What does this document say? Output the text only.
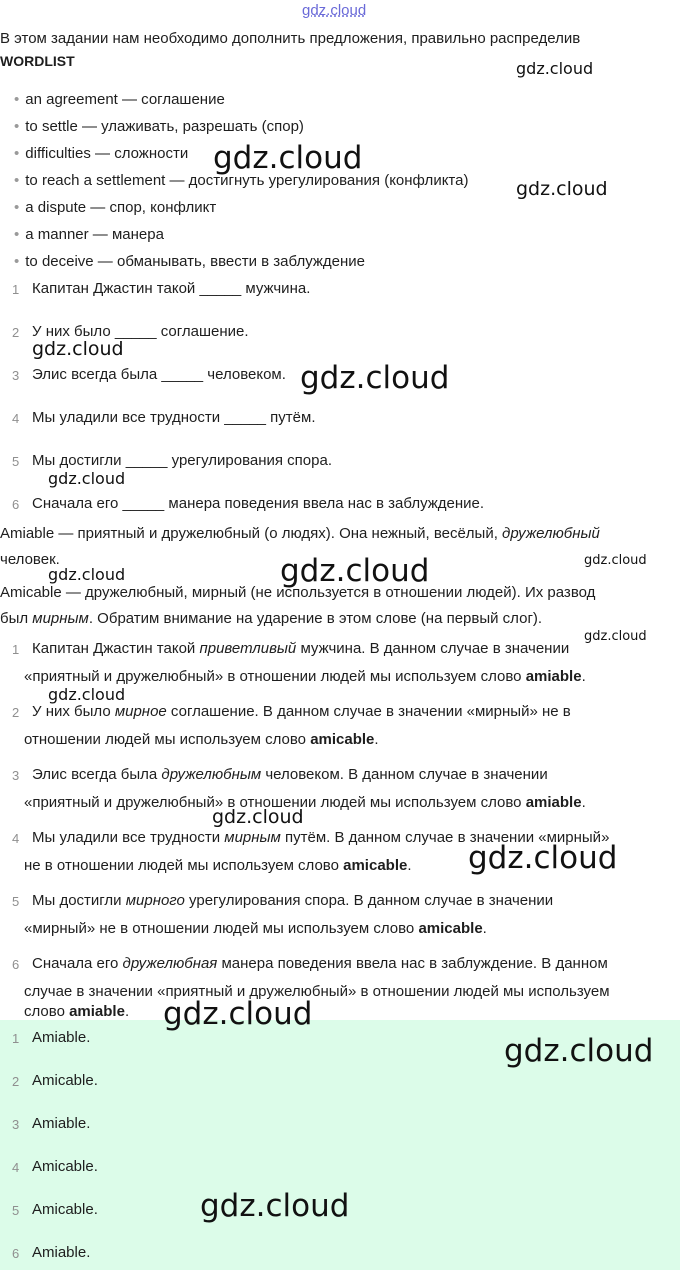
gdz.cloud
В этом задании нам необходимо дополнить предложения, правильно распределив
WORDLIST
• an agreement — соглашение
• to settle — улаживать, разрешать (спор)
• difficulties — сложности
• to reach a settlement — достигнуть урегулирования (конфликта)
• a dispute — спор, конфликт
• a manner — манера
• to deceive — обманывать, ввести в заблуждение
1 Капитан Джастин такой _____ мужчина.
2 У них было _____ соглашение.
3 Элис всегда была _____ человеком.
4 Мы уладили все трудности _____ путём.
5 Мы достигли _____ урегулирования спора.
6 Сначала его _____ манера поведения ввела нас в заблуждение.
Amiable — приятный и дружелюбный (о людях). Она нежный, весёлый, дружелюбный
человек.
Amicable — дружелюбный, мирный (не используется в отношении людей). Их развод
был мирным. Обратим внимание на ударение в этом слове (на первый слог).
1 Капитан Джастин такой приветливый мужчина. В данном случае в значении
«приятный и дружелюбный» в отношении людей мы используем слово amiable.
2 У них было мирное соглашение. В данном случае в значении «мирный» не в
отношении людей мы используем слово amicable.
3 Элис всегда была дружелюбным человеком. В данном случае в значении
«приятный и дружелюбный» в отношении людей мы используем слово amiable.
4 Мы уладили все трудности мирным путём. В данном случае в значении «мирный»
не в отношении людей мы используем слово amicable.
5 Мы достигли мирного урегулирования спора. В данном случае в значении
«мирный» не в отношении людей мы используем слово amicable.
6 Сначала его дружелюбная манера поведения ввела нас в заблуждение. В данном
случае в значении «приятный и дружелюбный» в отношении людей мы используем
слово amiable.
1 Amiable.
2 Amicable.
3 Amiable.
4 Amicable.
5 Amicable.
6 Amiable.
gdz.cloud
gdz.cloud
gdz.cloud
gdz.cloud
gdz.cloud
gdz.cloud
gdz.cloud	gdz.cloud
gdz.cloud
gdz.cloud
gdz.cloud
gdz.cloud
gdz.cloud
gdz.cloud
gdz.cloud
gdz.cloud
